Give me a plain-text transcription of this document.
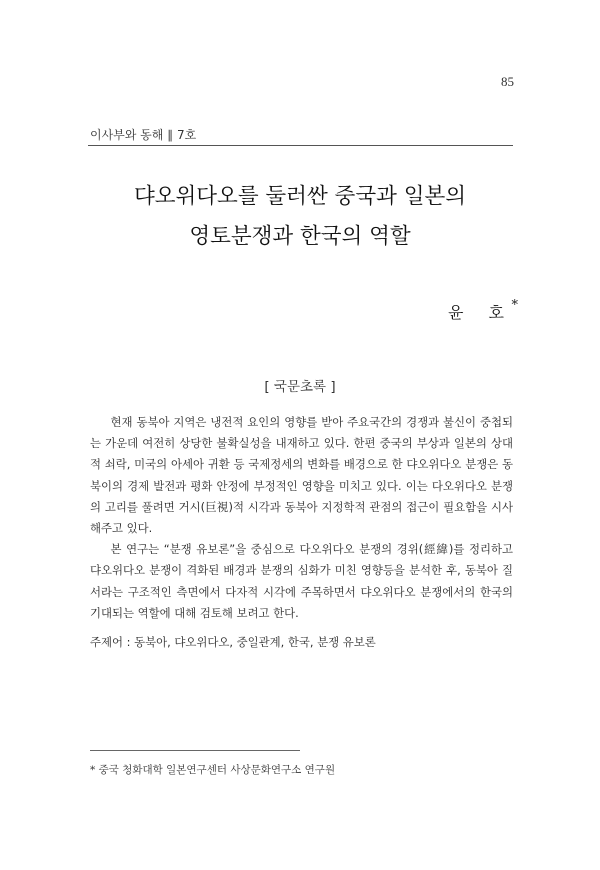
85
이사부와 동해 ∥ 7호
댜오위다오를 둘러싼 중국과 일본의
영토분쟁과 한국의 역할
윤 호
*
[ 국문초록 ]

현재 동북아 지역은 냉전적 요인의 영향를 받아 주요국간의 경쟁과 불신이 중첩되는 가운데 여전히 상당한 불확실성을 내재하고 있다. 한편 중국의 부상과 일본의 상대적 쇠락, 미국의 아세아 귀환 등 국제정세의 변화를 배경으로 한 댜오위다오 분쟁은 동북이의 경제 발전과 평화 안정에 부정적인 영향을 미치고 있다. 이는 다오위다오 분쟁의 고리를 풀려면 거시(巨視)적 시각과 동북아 지정학적 관점의 접근이 필요함을 시사해주고 있다.

본 연구는 “분쟁 유보론”을 중심으로 다오위다오 분쟁의 경위(經緯)를 정리하고 댜오위다오 분쟁이 격화된 배경과 분쟁의 심화가 미친 영향등을 분석한 후, 동북아 질서라는 구조적인 측면에서 다자적 시각에 주목하면서 댜오위다오 분쟁에서의 한국의 기대되는 역할에 대해 검토해 보려고 한다.

주제어 : 동북아, 댜오위다오, 중일관계, 한국, 분쟁 유보론
* 중국 청화대학 일본연구센터 사상문화연구소 연구원
